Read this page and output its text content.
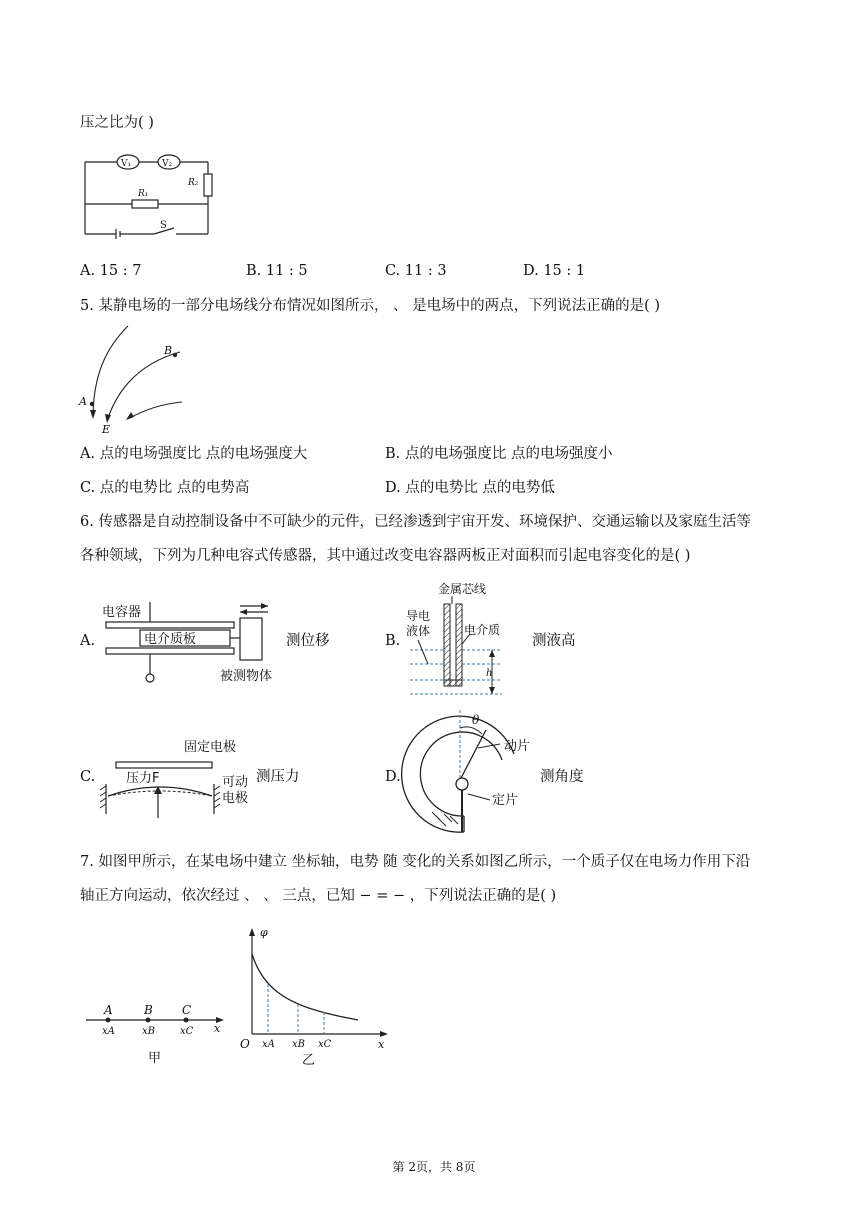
压之比为( )
V₁	V₂
R₁
R₂
S
A. 15 : 7	B. 11 : 5	C. 11 : 3	D. 15 : 1
5. 某静电场的一部分电场线分布情况如图所示， 、 是电场中的两点，下列说法正确的是( )
A
B
E
A. 点的电场强度比 点的电场强度大	B. 点的电场强度比 点的电场强度小
C. 点的电势比 点的电势高	D. 点的电势比 点的电势低
6. 传感器是自动控制设备中不可缺少的元件，已经渗透到宇宙开发、环境保护、交通运输以及家庭生活等
各种领域，下列为几种电容式传感器，其中通过改变电容器两板正对面积而引起电容变化的是( )
A.
电容器
电介质板
被测物体
测位移	B.
金属芯线
导电
液体	电介质
h
测液高
C.
固定电极
压力F	可动
电极
测压力	D.
θ
动片
定片
测角度
7. 如图甲所示，在某电场中建立 坐标轴，电势 随 变化的关系如图乙所示，一个质子仅在电场力作用下沿
轴正方向运动，依次经过 、 、 三点，已知 − = − ，下列说法正确的是( )
A	B C
xA	xB	xC x
甲
φ
O xA xB xC	x
乙
第 2页，共 8页
